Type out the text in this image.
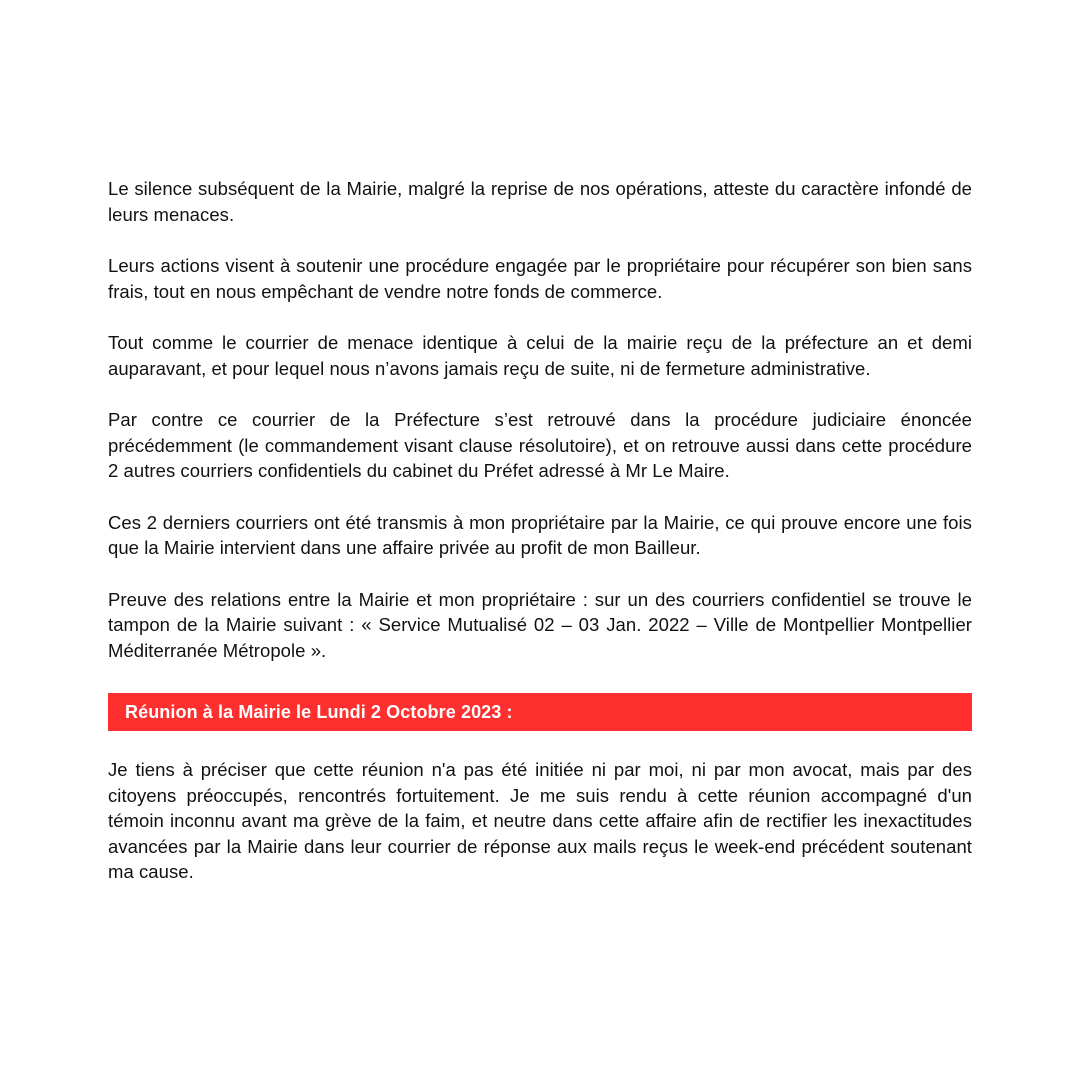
Le silence subséquent de la Mairie, malgré la reprise de nos opérations, atteste du caractère infondé de leurs menaces.

Leurs actions visent à soutenir une procédure engagée par le propriétaire pour récupérer son bien sans frais, tout en nous empêchant de vendre notre fonds de commerce.

Tout comme le courrier de menace identique à celui de la mairie reçu de la préfecture an et demi auparavant, et pour lequel nous n’avons jamais reçu de suite, ni de fermeture administrative.

Par contre ce courrier de la Préfecture s’est retrouvé dans la procédure judiciaire énoncée précédemment (le commandement visant clause résolutoire), et on retrouve aussi dans cette procédure 2 autres courriers confidentiels du cabinet du Préfet adressé à Mr Le Maire.

Ces 2 derniers courriers ont été transmis à mon propriétaire par la Mairie, ce qui prouve encore une fois que la Mairie intervient dans une affaire privée au profit de mon Bailleur.

Preuve des relations entre la Mairie et mon propriétaire : sur un des courriers confidentiel se trouve le tampon de la Mairie suivant : « Service Mutualisé 02 – 03 Jan. 2022 – Ville de Montpellier Montpellier Méditerranée Métropole ».

Réunion à la Mairie le Lundi 2 Octobre 2023 :

Je tiens à préciser que cette réunion n'a pas été initiée ni par moi, ni par mon avocat, mais par des citoyens préoccupés, rencontrés fortuitement. Je me suis rendu à cette réunion accompagné d'un témoin inconnu avant ma grève de la faim, et neutre dans cette affaire afin de rectifier les inexactitudes avancées par la Mairie dans leur courrier de réponse aux mails reçus le week-end précédent soutenant ma cause.
